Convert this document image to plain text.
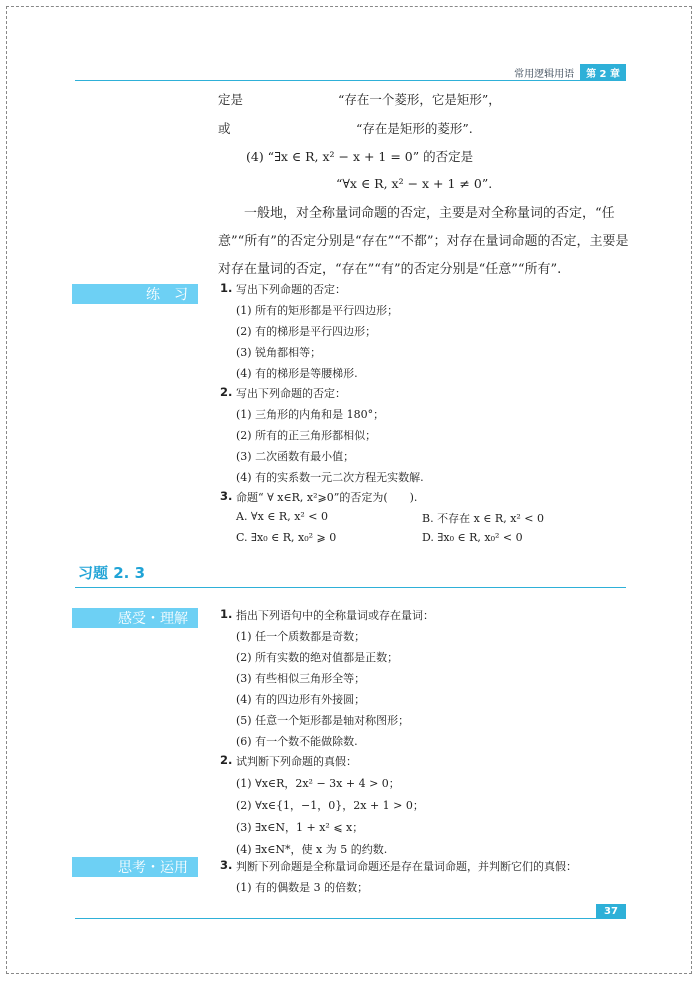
常用逻辑用语	第 2 章
定是	“存在一个菱形，它是矩形”，
或	“存在是矩形的菱形”.
(4) “∃x ∈ R, x² − x + 1 = 0” 的否定是
“∀x ∈ R, x² − x + 1 ≠ 0”.
一般地，对全称量词命题的否定，主要是对全称量词的否定，“任意”“所有”的否定分别是“存在”“不都”；对存在量词命题的否定，主要是对存在量词的否定，“存在”“有”的否定分别是“任意”“所有”.
练　习	1. 写出下列命题的否定：
(1) 所有的矩形都是平行四边形；
(2) 有的梯形是平行四边形；
(3) 锐角都相等；
(4) 有的梯形是等腰梯形.
2. 写出下列命题的否定：
(1) 三角形的内角和是 180°；
(2) 所有的正三角形都相似；
(3) 二次函数有最小值；
(4) 有的实系数一元二次方程无实数解.
3. 命题“ ∀ x∈R, x²⩾0”的否定为(　　).
A. ∀x ∈ R, x² < 0	B. 不存在 x ∈ R, x² < 0
C. ∃x₀ ∈ R, x₀² ⩾ 0	D. ∃x₀ ∈ R, x₀² < 0
习题 2. 3
感受・理解	1. 指出下列语句中的全称量词或存在量词：
(1) 任一个质数都是奇数；
(2) 所有实数的绝对值都是正数；
(3) 有些相似三角形全等；
(4) 有的四边形有外接圆；
(5) 任意一个矩形都是轴对称图形；
(6) 有一个数不能做除数.
2. 试判断下列命题的真假：
(1) ∀x∈R，2x² − 3x + 4 > 0；
(2) ∀x∈{1，−1，0}，2x + 1 > 0；
(3) ∃x∈N，1 + x² ⩽ x；
(4) ∃x∈N*，使 x 为 5 的约数.
思考・运用	3. 判断下列命题是全称量词命题还是存在量词命题，并判断它们的真假：
(1) 有的偶数是 3 的倍数；
37
